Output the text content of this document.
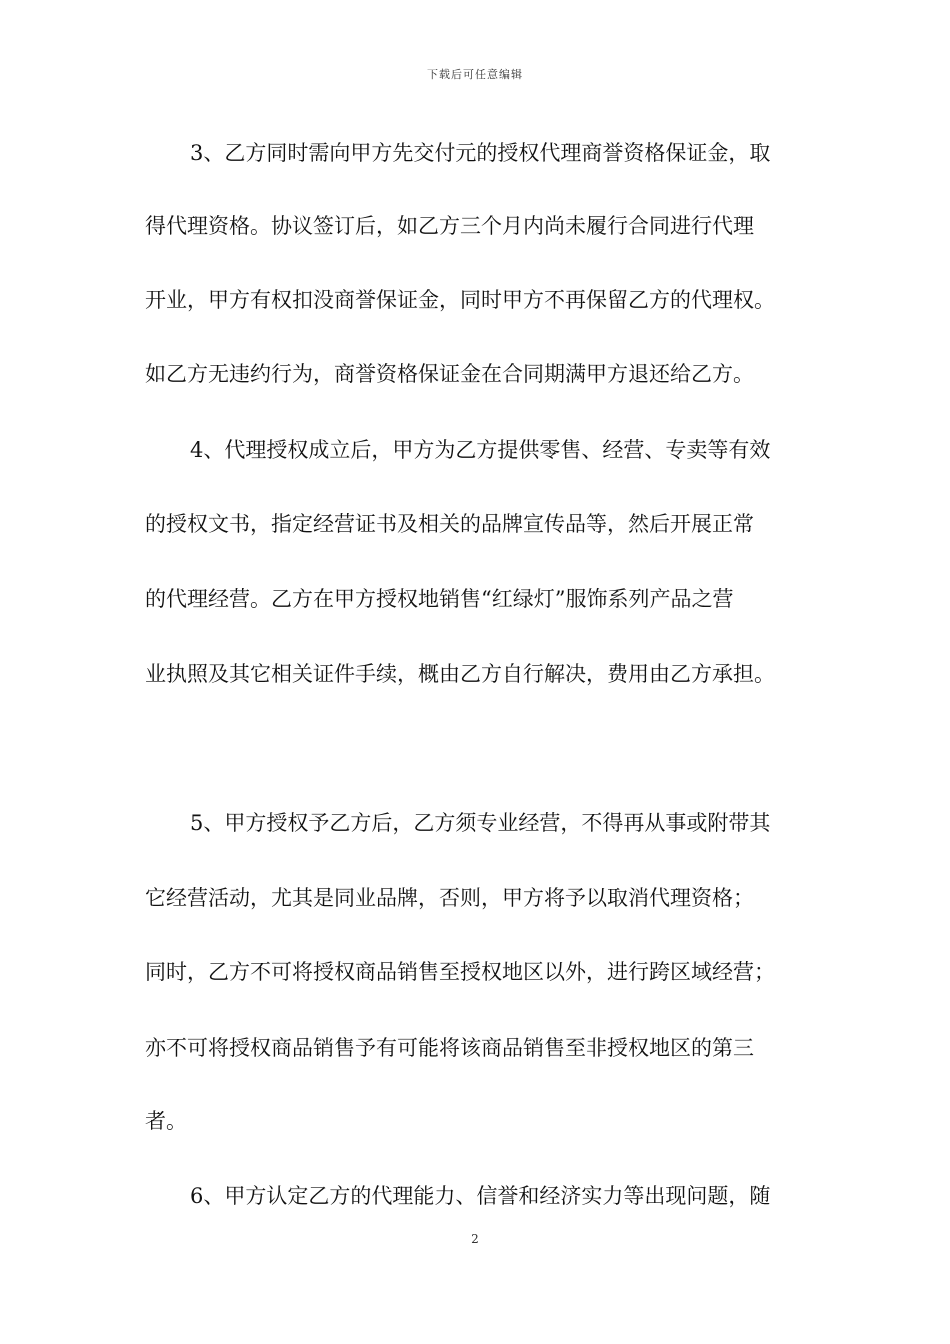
下载后可任意编辑
3、乙方同时需向甲方先交付元的授权代理商誉资格保证金，取
得代理资格。协议签订后，如乙方三个月内尚未履行合同进行代理
开业，甲方有权扣没商誉保证金，同时甲方不再保留乙方的代理权。
如乙方无违约行为，商誉资格保证金在合同期满甲方退还给乙方。
4、代理授权成立后，甲方为乙方提供零售、经营、专卖等有效
的授权文书，指定经营证书及相关的品牌宣传品等，然后开展正常
的代理经营。乙方在甲方授权地销售“红绿灯”服饰系列产品之营
业执照及其它相关证件手续，概由乙方自行解决，费用由乙方承担。
5、甲方授权予乙方后，乙方须专业经营，不得再从事或附带其
它经营活动，尤其是同业品牌，否则，甲方将予以取消代理资格；
同时，乙方不可将授权商品销售至授权地区以外，进行跨区域经营；
亦不可将授权商品销售予有可能将该商品销售至非授权地区的第三
者。
6、甲方认定乙方的代理能力、信誉和经济实力等出现问题，随
2
